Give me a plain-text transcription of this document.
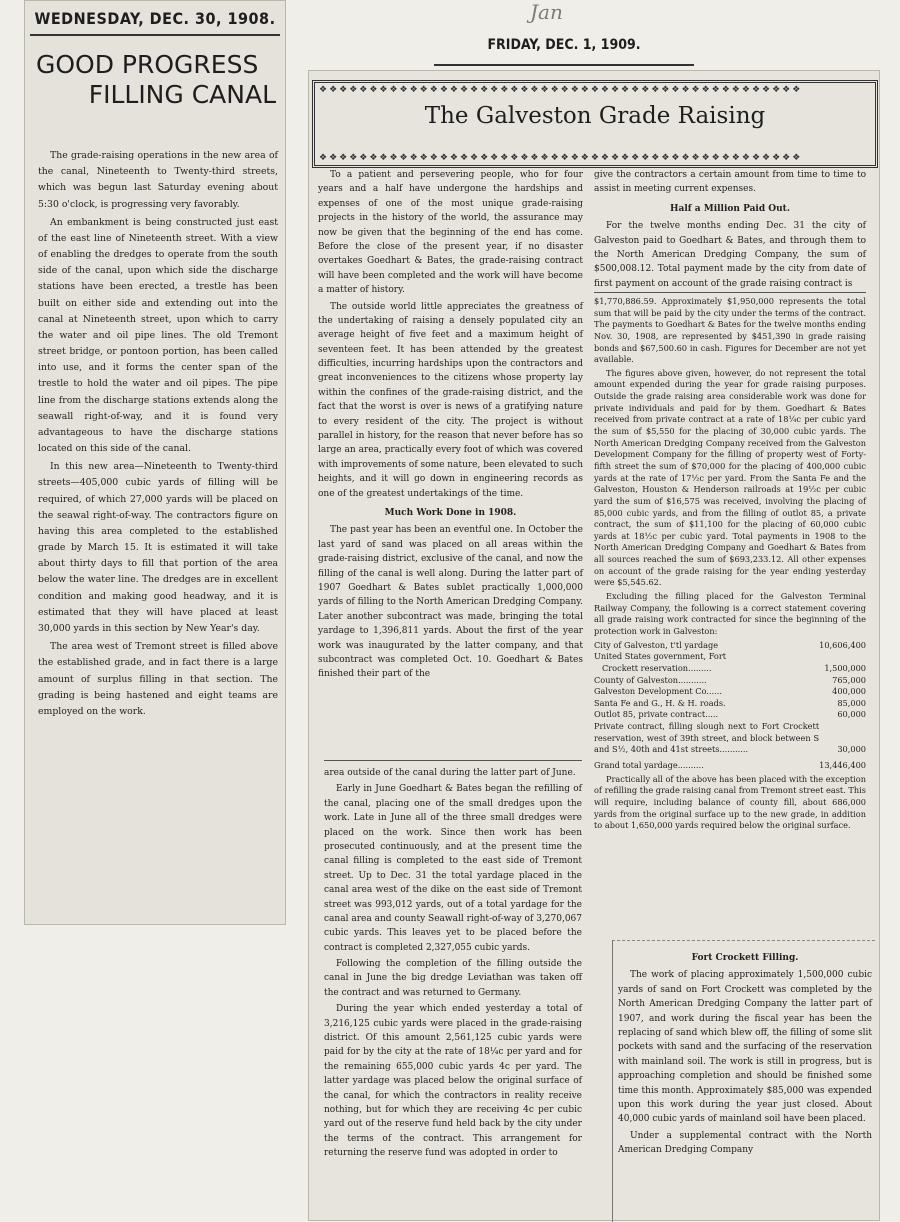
WEDNESDAY, DEC. 30, 1908.
GOOD PROGRESS
FILLING CANAL

The grade-raising operations in the new area of the canal, Nineteenth to Twenty-third streets, which was begun last Saturday evening about 5:30 o'clock, is progressing very favorably.

An embankment is being constructed just east of the east line of Nineteenth street. With a view of enabling the dredges to operate from the south side of the canal, upon which side the discharge stations have been erected, a trestle has been built on either side and extending out into the canal at Nineteenth street, upon which to carry the water and oil pipe lines. The old Tremont street bridge, or pontoon portion, has been called into use, and it forms the center span of the trestle to hold the water and oil pipes. The pipe line from the discharge stations extends along the seawall right-of-way, and it is found very advantageous to have the discharge stations located on this side of the canal.

In this new area—Nineteenth to Twenty-third streets—405,000 cubic yards of filling will be required, of which 27,000 yards will be placed on the seawal right-of-way. The contractors figure on having this area completed to the established grade by March 15. It is estimated it will take about thirty days to fill that portion of the area below the water line. The dredges are in excellent condition and making good headway, and it is estimated that they will have placed at least 30,000 yards in this section by New Year's day.

The area west of Tremont street is filled above the established grade, and in fact there is a large amount of surplus filling in that section. The grading is being hastened and eight teams are employed on the work.

Jan
FRIDAY, DEC. 1, 1909.
❖❖❖❖❖❖❖❖❖❖❖❖❖❖❖❖❖❖❖❖❖❖❖❖❖❖❖❖❖❖❖❖❖❖❖❖❖❖❖❖❖❖❖❖❖❖❖❖
The Galveston Grade Raising
❖❖❖❖❖❖❖❖❖❖❖❖❖❖❖❖❖❖❖❖❖❖❖❖❖❖❖❖❖❖❖❖❖❖❖❖❖❖❖❖❖❖❖❖❖❖❖❖

To a patient and persevering people, who for four years and a half have undergone the hardships and expenses of one of the most unique grade-raising projects in the history of the world, the assurance may now be given that the beginning of the end has come. Before the close of the present year, if no disaster overtakes Goedhart & Bates, the grade-raising contract will have been completed and the work will have become a matter of history.

The outside world little appreciates the greatness of the undertaking of raising a densely populated city an average height of five feet and a maximum height of seventeen feet. It has been attended by the greatest difficulties, incurring hardships upon the contractors and great inconveniences to the citizens whose property lay within the confines of the grade-raising district, and the fact that the worst is over is news of a gratifying nature to every resident of the city. The project is without parallel in history, for the reason that never before has so large an area, practically every foot of which was covered with improvements of some nature, been elevated to such heights, and it will go down in engineering records as one of the greatest undertakings of the time.

Much Work Done in 1908.

The past year has been an eventful one. In October the last yard of sand was placed on all areas within the grade-raising district, exclusive of the canal, and now the filling of the canal is well along. During the latter part of 1907 Goedhart & Bates sublet practically 1,000,000 yards of filling to the North American Dredging Company. Later another subcontract was made, bringing the total yardage to 1,396,811 yards. About the first of the year work was inaugurated by the latter company, and that subcontract was completed Oct. 10. Goedhart & Bates finished their part of the

area outside of the canal during the latter part of June.

Early in June Goedhart & Bates began the refilling of the canal, placing one of the small dredges upon the work. Late in June all of the three small dredges were placed on the work. Since then work has been prosecuted continuously, and at the present time the canal filling is completed to the east side of Tremont street. Up to Dec. 31 the total yardage placed in the canal area west of the dike on the east side of Tremont street was 993,012 yards, out of a total yardage for the canal area and county Seawall right-of-way of 3,270,067 cubic yards. This leaves yet to be placed before the contract is completed 2,327,055 cubic yards.

Following the completion of the filling outside the canal in June the big dredge Leviathan was taken off the contract and was returned to Germany.

During the year which ended yesterday a total of 3,216,125 cubic yards were placed in the grade-raising district. Of this amount 2,561,125 cubic yards were paid for by the city at the rate of 18¼c per yard and for the remaining 655,000 cubic yards 4c per yard. The latter yardage was placed below the original surface of the canal, for which the contractors in reality receive nothing, but for which they are receiving 4c per cubic yard out of the reserve fund held back by the city under the terms of the contract. This arrangement for returning the reserve fund was adopted in order to

give the contractors a certain amount from time to time to assist in meeting current expenses.

Half a Million Paid Out.

For the twelve months ending Dec. 31 the city of Galveston paid to Goedhart & Bates, and through them to the North American Dredging Company, the sum of $500,008.12. Total payment made by the city from date of first payment on account of the grade raising contract is

$1,770,886.59. Approximately $1,950,000 represents the total sum that will be paid by the city under the terms of the contract. The payments to Goedhart & Bates for the twelve months ending Nov. 30, 1908, are represented by $451,390 in grade raising bonds and $67,500.60 in cash. Figures for December are not yet available.

The figures above given, however, do not represent the total amount expended during the year for grade raising purposes. Outside the grade raising area considerable work was done for private individuals and paid for by them. Goedhart & Bates received from private contract at a rate of 18¼c per cubic yard the sum of $5,550 for the placing of 30,000 cubic yards. The North American Dredging Company received from the Galveston Development Company for the filling of property west of Forty-fifth street the sum of $70,000 for the placing of 400,000 cubic yards at the rate of 17½c per yard. From the Santa Fe and the Galveston, Houston & Henderson railroads at 19½c per cubic yard the sum of $16,575 was received, involving the placing of 85,000 cubic yards, and from the filling of outlot 85, a private contract, the sum of $11,100 for the placing of 60,000 cubic yards at 18½c per cubic yard. Total payments in 1908 to the North American Dredging Company and Goedhart & Bates from all sources reached the sum of $693,233.12. All other expenses on account of the grade raising for the year ending yesterday were $5,545.62.

Excluding the filling placed for the Galveston Terminal Railway Company, the following is a correct statement covering all grade raising work contracted for since the beginning of the protection work in Galveston:

City of Galveston, t'tl yardage	10,606,400
United States government, Fort	
Crockett reservation.........	1,500,000
County of Galveston...........	765,000
Galveston Development Co......	400,000
Santa Fe and G., H. & H. roads.	85,000
Outlot 85, private contract.....	60,000
Private contract, filling slough next to Fort Crockett reservation, west of 39th street, and block between S and S½, 40th and 41st streets...........	30,000
Grand total yardage..........	13,446,400

Practically all of the above has been placed with the exception of refilling the grade raising canal from Tremont street east. This will require, including balance of county fill, about 686,000 yards from the original surface up to the new grade, in addition to about 1,650,000 yards required below the original surface.

Fort Crockett Filling.

The work of placing approximately 1,500,000 cubic yards of sand on Fort Crockett was completed by the North American Dredging Company the latter part of 1907, and work during the fiscal year has been the replacing of sand which blew off, the filling of some slit pockets with sand and the surfacing of the reservation with mainland soil. The work is still in progress, but is approaching completion and should be finished some time this month. Approximately $85,000 was expended upon this work during the year just closed. About 40,000 cubic yards of mainland soil have been placed.

Under a supplemental contract with the North American Dredging Company
